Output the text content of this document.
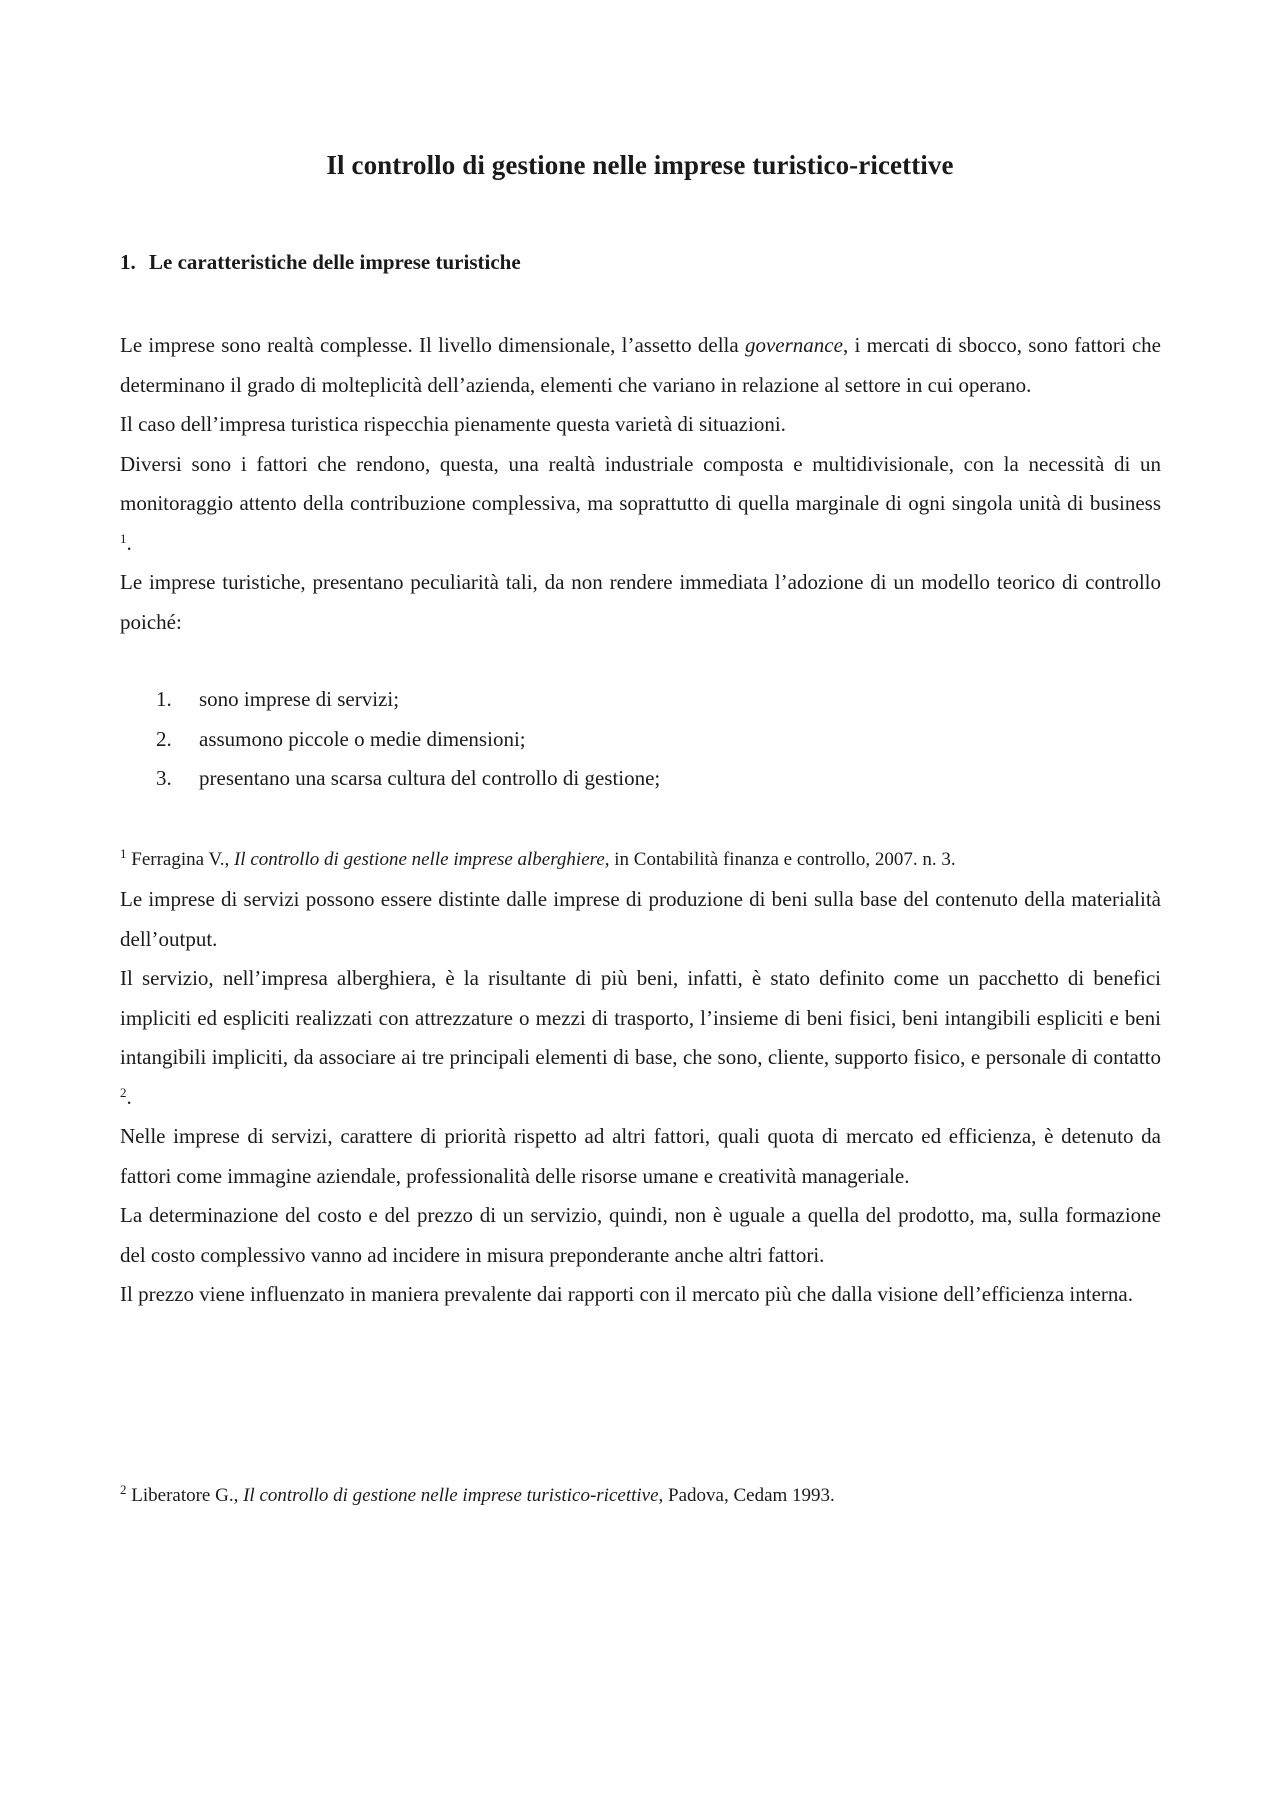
Il controllo di gestione nelle imprese turistico-ricettive
1. Le caratteristiche delle imprese turistiche
Le imprese sono realtà complesse. Il livello dimensionale, l’assetto della governance, i mercati di sbocco, sono fattori che determinano il grado di molteplicità dell’azienda, elementi che variano in relazione al settore in cui operano.
Il caso dell’impresa turistica rispecchia pienamente questa varietà di situazioni.
Diversi sono i fattori che rendono, questa, una realtà industriale composta e multidivisionale, con la necessità di un monitoraggio attento della contribuzione complessiva, ma soprattutto di quella marginale di ogni singola unità di business $^1$.
Le imprese turistiche, presentano peculiarità tali, da non rendere immediata l’adozione di un modello teorico di controllo poiché:
1. sono imprese di servizi;
2. assumono piccole o medie dimensioni;
3. presentano una scarsa cultura del controllo di gestione;
$^1$ Ferragina V., Il controllo di gestione nelle imprese alberghiere, in Contabilità finanza e controllo, 2007. n. 3.
Le imprese di servizi possono essere distinte dalle imprese di produzione di beni sulla base del contenuto della materialità dell’output.
Il servizio, nell’impresa alberghiera, è la risultante di più beni, infatti, è stato definito come un pacchetto di benefici impliciti ed espliciti realizzati con attrezzature o mezzi di trasporto, l’insieme di beni fisici, beni intangibili espliciti e beni intangibili impliciti, da associare ai tre principali elementi di base, che sono, cliente, supporto fisico, e personale di contatto $^2$.
Nelle imprese di servizi, carattere di priorità rispetto ad altri fattori, quali quota di mercato ed efficienza, è detenuto da fattori come immagine aziendale, professionalità delle risorse umane e creatività manageriale.
La determinazione del costo e del prezzo di un servizio, quindi, non è uguale a quella del prodotto, ma, sulla formazione del costo complessivo vanno ad incidere in misura preponderante anche altri fattori.
Il prezzo viene influenzato in maniera prevalente dai rapporti con il mercato più che dalla visione dell’efficienza interna.
$^2$ Liberatore G., Il controllo di gestione nelle imprese turistico-ricettive, Padova, Cedam 1993.
